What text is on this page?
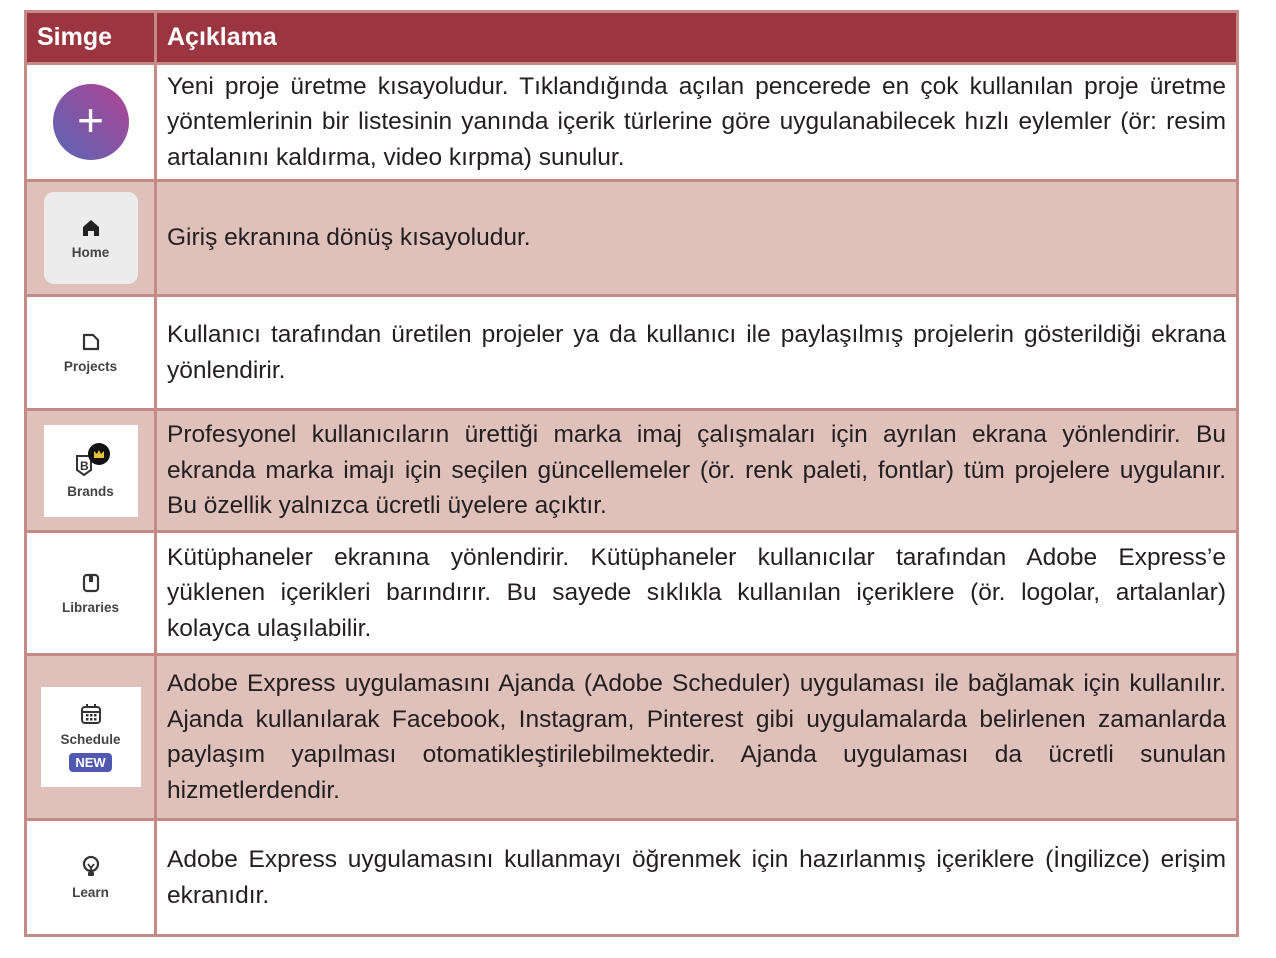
Simge	Açıklama
+	Yeni proje üretme kısayoludur. Tıklandığında açılan pencerede en çok kullanılan proje üretme yöntemlerinin bir listesinin yanında içerik türlerine göre uygulanabilecek hızlı eylemler (ör: resim artalanını kaldırma, video kırpma) sunulur.

Home	Giriş ekranına dönüş kısayoludur.

Projects	Kullanıcı tarafından üretilen projeler ya da kullanıcı ile paylaşılmış projelerin gösterildiği ekrana yönlendirir.

B
Brands	Profesyonel kullanıcıların ürettiği marka imaj çalışmaları için ayrılan ekrana yönlendirir. Bu ekranda marka imajı için seçilen güncellemeler (ör. renk paleti, fontlar) tüm projelere uygulanır. Bu özellik yalnızca ücretli üyelere açıktır.

Libraries	Kütüphaneler ekranına yönlendirir. Kütüphaneler kullanıcılar tarafından Adobe Express’e yüklenen içerikleri barındırır. Bu sayede sıklıkla kullanılan içeriklere (ör. logolar, artalanlar) kolayca ulaşılabilir.

Schedule
NEW	Adobe Express uygulamasını Ajanda (Adobe Scheduler) uygulaması ile bağlamak için kullanılır. Ajanda kullanılarak Facebook, Instagram, Pinterest gibi uygulamalarda belirlenen zamanlarda paylaşım yapılması otomatikleştirilebilmektedir. Ajanda uygulaması da ücretli sunulan hizmetlerdendir.

Learn	Adobe Express uygulamasını kullanmayı öğrenmek için hazırlanmış içeriklere (İngilizce) erişim ekranıdır.
